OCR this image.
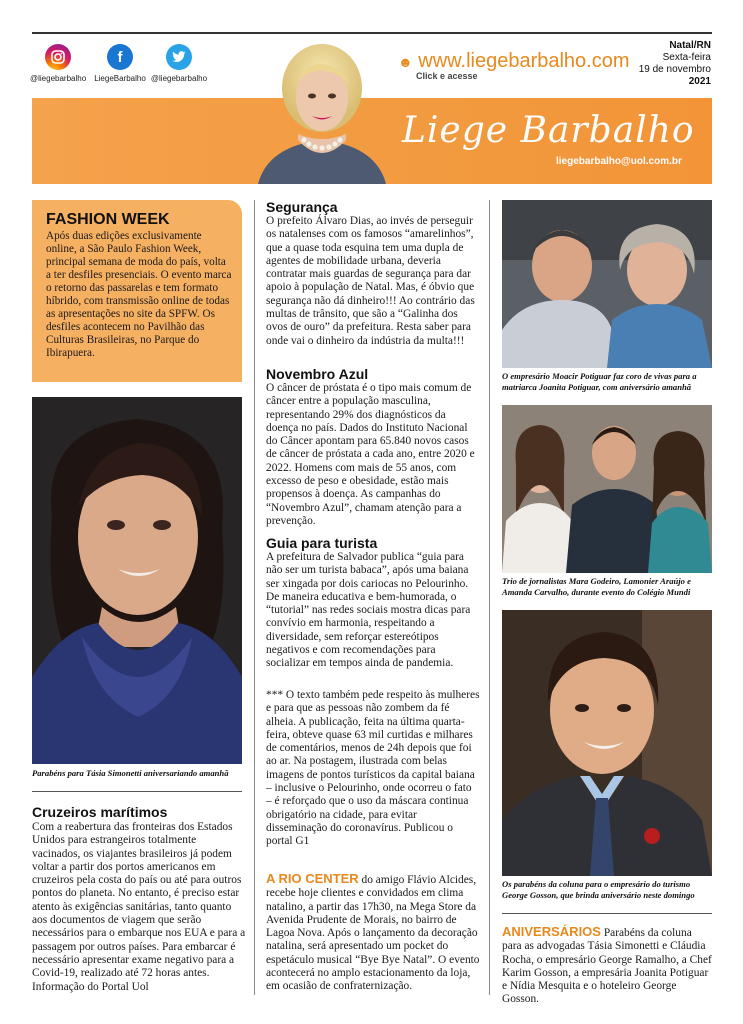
@liegebarbalho
f
LiegeBarbalho @liegebarbalho
☻ www.liegebarbalho.com
Click e acesse
Natal/RN
Sexta-feira
19 de novembro
2021
Liege Barbalho
liegebarbalho@uol.com.br
FASHION WEEK

Após duas edições exclusivamente online, a São Paulo Fashion Week, principal semana de moda do país, volta a ter desfiles presenciais. O evento marca o retorno das passarelas e tem formato híbrido, com transmissão online de todas as apresentações no site da SPFW. Os desfiles acontecem no Pavilhão das Culturas Brasileiras, no Parque do Ibirapuera.

Parabéns para Tásia Simonetti aniversariando amanhã
Cruzeiros marítimos

Com a reabertura das fronteiras dos Estados Unidos para estrangeiros totalmente vacinados, os viajantes brasileiros já podem voltar a partir dos portos americanos em cruzeiros pela costa do país ou até para outros pontos do planeta. No entanto, é preciso estar atento às exigências sanitárias, tanto quanto aos documentos de viagem que serão necessários para o embarque nos EUA e para a passagem por outros países. Para embarcar é necessário apresentar exame negativo para a Covid-19, realizado até 72 horas antes. Informação do Portal Uol

Segurança

O prefeito Álvaro Dias, ao invés de perseguir os natalenses com os famosos “amarelinhos”, que a quase toda esquina tem uma dupla de agentes de mobilidade urbana, deveria contratar mais guardas de segurança para dar apoio à população de Natal. Mas, é óbvio que segurança não dá dinheiro!!! Ao contrário das multas de trânsito, que são a “Galinha dos ovos de ouro” da prefeitura. Resta saber para onde vai o dinheiro da indústria da multa!!!

Novembro Azul

O câncer de próstata é o tipo mais comum de câncer entre a população masculina, representando 29% dos diagnósticos da doença no país. Dados do Instituto Nacional do Câncer apontam para 65.840 novos casos de câncer de próstata a cada ano, entre 2020 e 2022. Homens com mais de 55 anos, com excesso de peso e obesidade, estão mais propensos à doença. As campanhas do “Novembro Azul”, chamam atenção para a prevenção.

Guia para turista

A prefeitura de Salvador publica “guia para não ser um turista babaca”, após uma baiana ser xingada por dois cariocas no Pelourinho. De maneira educativa e bem-humorada, o “tutorial” nas redes sociais mostra dicas para convívio em harmonia, respeitando a diversidade, sem reforçar estereótipos negativos e com recomendações para socializar em tempos ainda de pandemia.

*** O texto também pede respeito às mulheres e para que as pessoas não zombem da fé alheia. A publicação, feita na última quarta-feira, obteve quase 63 mil curtidas e milhares de comentários, menos de 24h depois que foi ao ar. Na postagem, ilustrada com belas imagens de pontos turísticos da capital baiana – inclusive o Pelourinho, onde ocorreu o fato – é reforçado que o uso da máscara continua obrigatório na cidade, para evitar disseminação do coronavírus. Publicou o portal G1

A RIO CENTER do amigo Flávio Alcides, recebe hoje clientes e convidados em clima natalino, a partir das 17h30, na Mega Store da Avenida Prudente de Morais, no bairro de Lagoa Nova. Após o lançamento da decoração natalina, será apresentado um pocket do espetáculo musical “Bye Bye Natal”. O evento acontecerá no amplo estacionamento da loja, em ocasião de confraternização.

O empresário Moacir Potiguar faz coro de vivas para a matriarca Joanita Potiguar, com aniversário amanhã
Trio de jornalistas Mara Godeiro, Lamonier Araújo e Amanda Carvalho, durante evento do Colégio Mundi
Os parabéns da coluna para o empresário do turismo George Gosson, que brinda aniversário neste domingo

ANIVERSÁRIOS Parabéns da coluna para as advogadas Tásia Simonetti e Cláudia Rocha, o empresário George Ramalho, a Chef Karim Gosson, a empresária Joanita Potiguar e Nídia Mesquita e o hoteleiro George Gosson.
